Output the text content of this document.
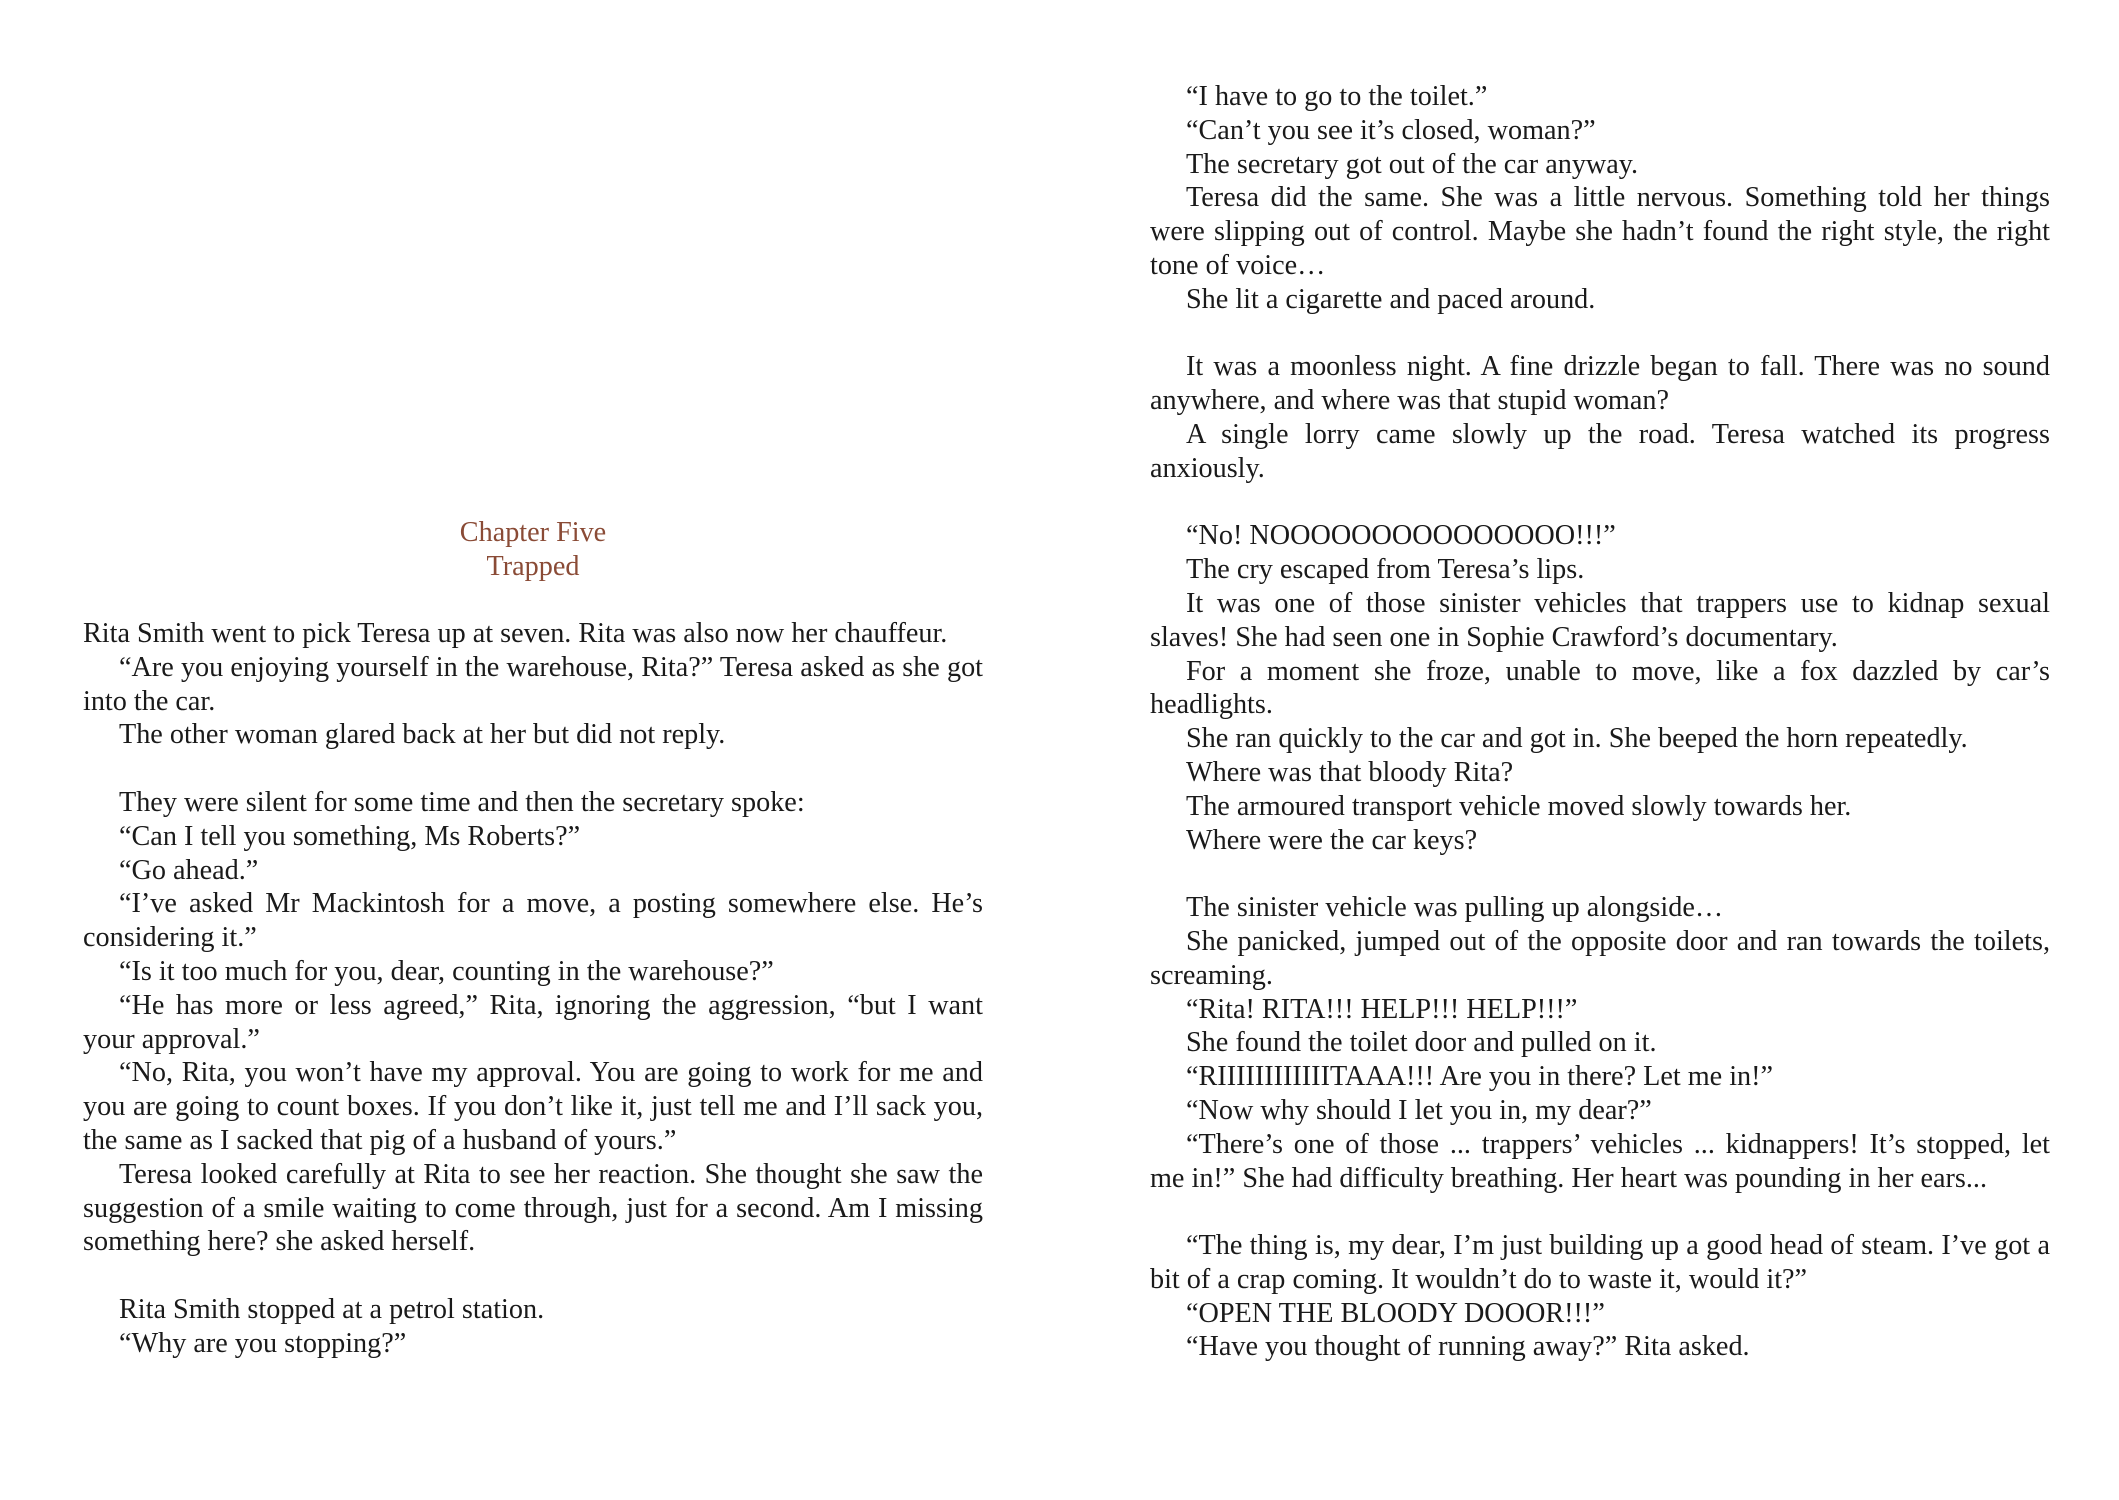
Chapter Five
Trapped

Rita Smith went to pick Teresa up at seven. Rita was also now her chauffeur.

“Are you enjoying yourself in the warehouse, Rita?” Teresa asked as she got into the car.

The other woman glared back at her but did not reply.

They were silent for some time and then the secretary spoke:

“Can I tell you something, Ms Roberts?”

“Go ahead.”

“I’ve asked Mr Mackintosh for a move, a posting somewhere else. He’s considering it.”

“Is it too much for you, dear, counting in the warehouse?”

“He has more or less agreed,” Rita, ignoring the aggression, “but I want your approval.”

“No, Rita, you won’t have my approval. You are going to work for me and you are going to count boxes. If you don’t like it, just tell me and I’ll sack you, the same as I sacked that pig of a husband of yours.”

Teresa looked carefully at Rita to see her reaction. She thought she saw the suggestion of a smile waiting to come through, just for a second. Am I missing something here? she asked herself.

Rita Smith stopped at a petrol station.

“Why are you stopping?”

“I have to go to the toilet.”

“Can’t you see it’s closed, woman?”

The secretary got out of the car anyway.

Teresa did the same. She was a little nervous. Something told her things were slipping out of control. Maybe she hadn’t found the right style, the right tone of voice…

She lit a cigarette and paced around.

It was a moonless night. A fine drizzle began to fall. There was no sound anywhere, and where was that stupid woman?

A single lorry came slowly up the road. Teresa watched its progress anxiously.

“No! NOOOOOOOOOOOOOOO!!!”

The cry escaped from Teresa’s lips.

It was one of those sinister vehicles that trappers use to kidnap sexual slaves! She had seen one in Sophie Crawford’s documentary.

For a moment she froze, unable to move, like a fox dazzled by car’s headlights.

She ran quickly to the car and got in. She beeped the horn repeatedly.

Where was that bloody Rita?

The armoured transport vehicle moved slowly towards her.

Where were the car keys?

The sinister vehicle was pulling up alongside…

She panicked, jumped out of the opposite door and ran towards the toilets, screaming.

“Rita! RITA!!! HELP!!! HELP!!!”

She found the toilet door and pulled on it.

“RIIIIIIIIIIIITAAA!!! Are you in there? Let me in!”

“Now why should I let you in, my dear?”

“There’s one of those ... trappers’ vehicles ... kidnappers! It’s stopped, let me in!” She had difficulty breathing. Her heart was pounding in her ears...

“The thing is, my dear, I’m just building up a good head of steam. I’ve got a bit of a crap coming. It wouldn’t do to waste it, would it?”

“OPEN THE BLOODY DOOOR!!!”

“Have you thought of running away?” Rita asked.
